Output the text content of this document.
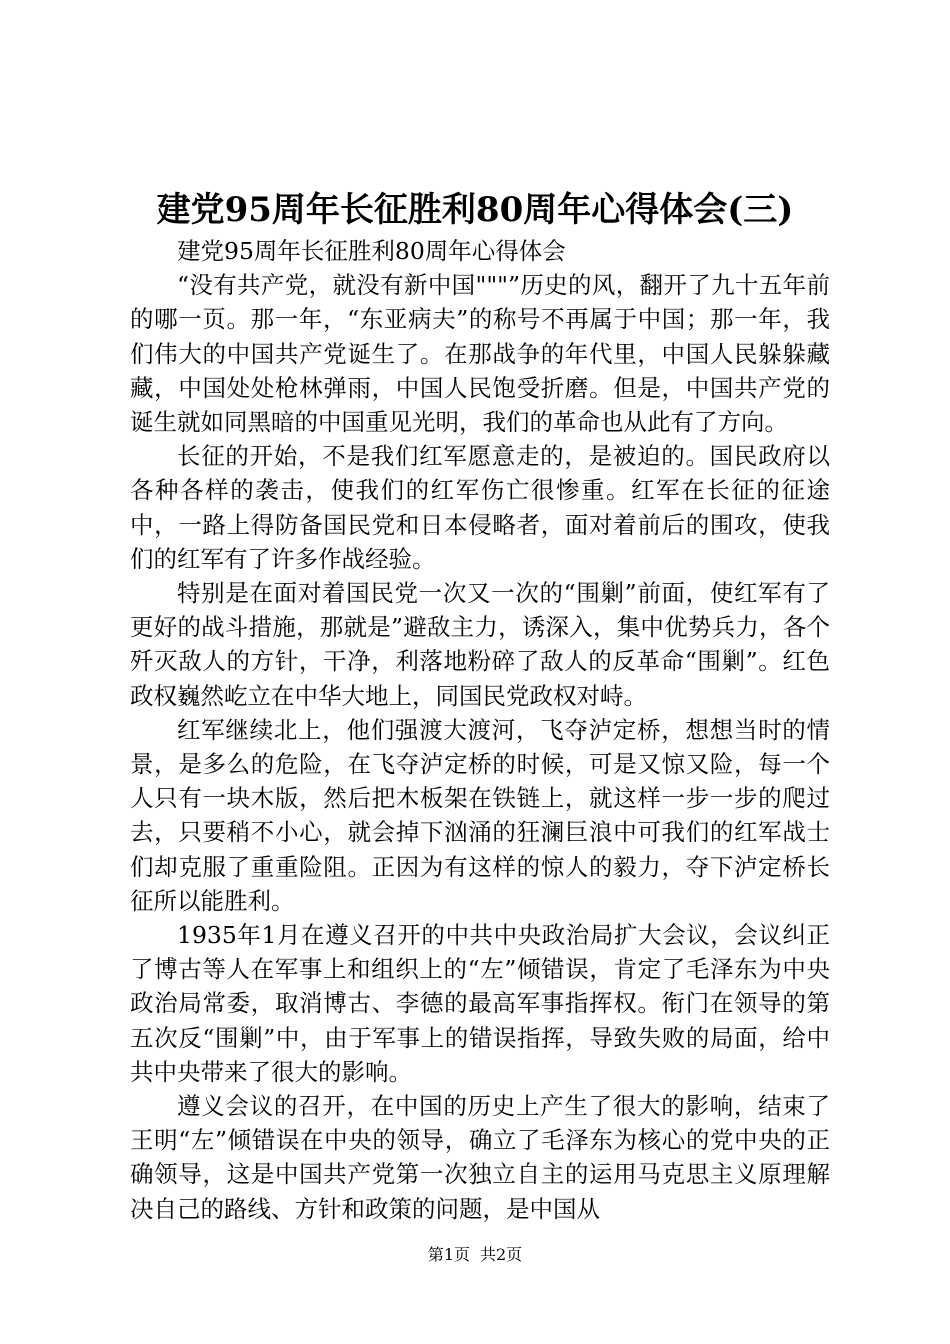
建党95周年长征胜利80周年心得体会(三)

建党95周年长征胜利80周年心得体会

“没有共产党，就没有新中国"""”历史的风，翻开了九十五年前的哪一页。那一年，“东亚病夫”的称号不再属于中国；那一年，我们伟大的中国共产党诞生了。在那战争的年代里，中国人民躲躲藏藏，中国处处枪林弹雨，中国人民饱受折磨。但是，中国共产党的诞生就如同黑暗的中国重见光明，我们的革命也从此有了方向。

长征的开始，不是我们红军愿意走的，是被迫的。国民政府以各种各样的袭击，使我们的红军伤亡很惨重。红军在长征的征途中，一路上得防备国民党和日本侵略者，面对着前后的围攻，使我们的红军有了许多作战经验。

特别是在面对着国民党一次又一次的“围剿”前面，使红军有了更好的战斗措施，那就是”避敌主力，诱深入，集中优势兵力，各个歼灭敌人的方针，干净，利落地粉碎了敌人的反革命“围剿”。红色政权巍然屹立在中华大地上，同国民党政权对峙。

红军继续北上，他们强渡大渡河，飞夺泸定桥，想想当时的情景，是多么的危险，在飞夺泸定桥的时候，可是又惊又险，每一个人只有一块木版，然后把木板架在铁链上，就这样一步一步的爬过去，只要稍不小心，就会掉下汹涌的狂澜巨浪中可我们的红军战士们却克服了重重险阻。正因为有这样的惊人的毅力，夺下泸定桥长征所以能胜利。

1935年1月在遵义召开的中共中央政治局扩大会议，会议纠正了博古等人在军事上和组织上的“左”倾错误，肯定了毛泽东为中央政治局常委，取消博古、李德的最高军事指挥权。衔门在领导的第五次反“围剿”中，由于军事上的错误指挥，导致失败的局面，给中共中央带来了很大的影响。

遵义会议的召开，在中国的历史上产生了很大的影响，结束了王明“左”倾错误在中央的领导，确立了毛泽东为核心的党中央的正确领导，这是中国共产党第一次独立自主的运用马克思主义原理解决自己的路线、方针和政策的问题，是中国从

第1页 共2页
